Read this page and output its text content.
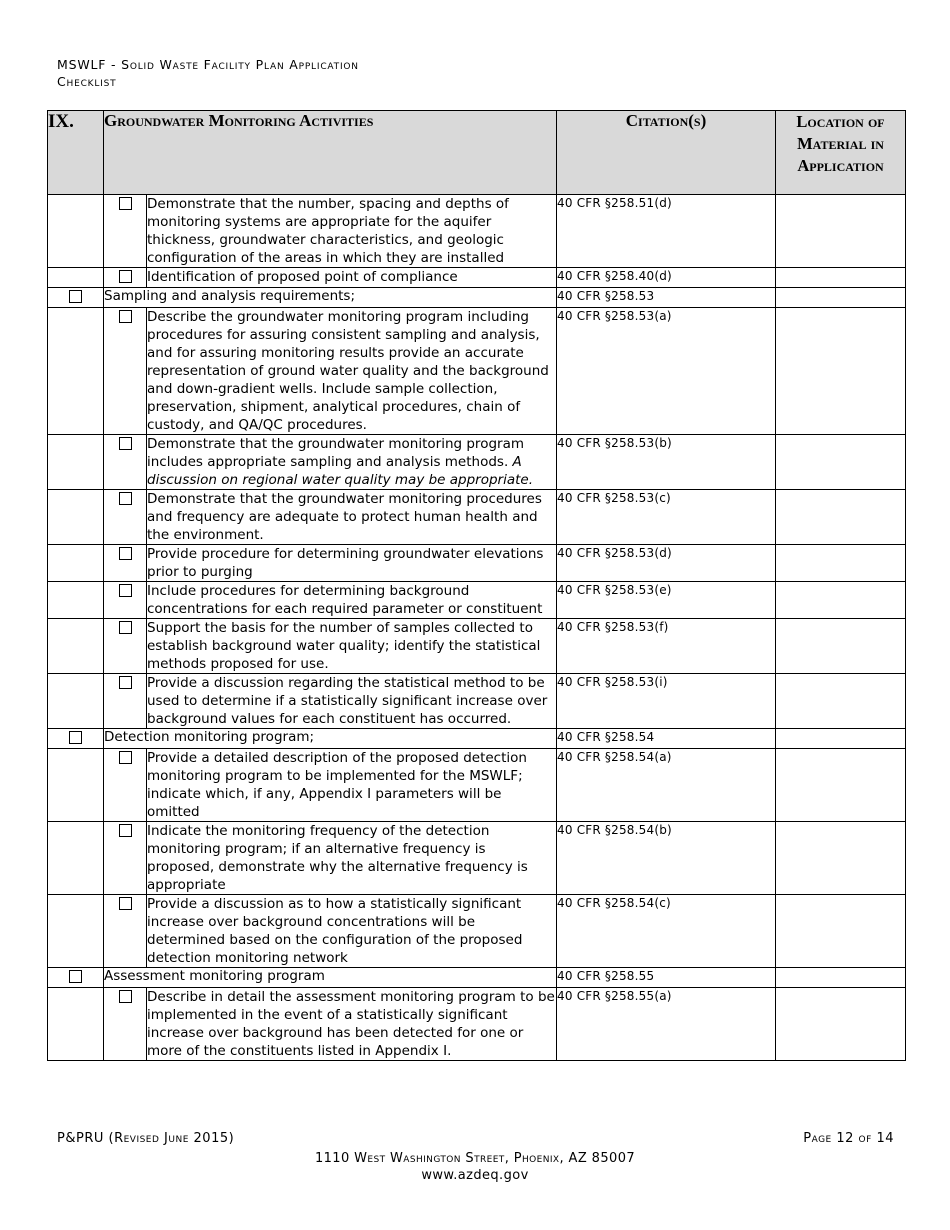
MSWLF - Solid Waste Facility Plan Application
Checklist
IX.	Groundwater Monitoring Activities		Citation(s)	Location of
Material in
Application

		Demonstrate that the number, spacing and depths of monitoring systems are appropriate for the aquifer thickness, groundwater characteristics, and geologic configuration of the areas in which they are installed	40 CFR §258.51(d)	
		Identification of proposed point of compliance	40 CFR §258.40(d)	
	Sampling and analysis requirements;		40 CFR §258.53	
		Describe the groundwater monitoring program including procedures for assuring consistent sampling and analysis, and for assuring monitoring results provide an accurate representation of ground water quality and the background and down-gradient wells. Include sample collection, preservation, shipment, analytical procedures, chain of custody, and QA/QC procedures.	40 CFR §258.53(a)	
		Demonstrate that the groundwater monitoring program includes appropriate sampling and analysis methods. A discussion on regional water quality may be appropriate.	40 CFR §258.53(b)	
		Demonstrate that the groundwater monitoring procedures and frequency are adequate to protect human health and the environment.	40 CFR §258.53(c)	
		Provide procedure for determining groundwater elevations prior to purging	40 CFR §258.53(d)	
		Include procedures for determining background concentrations for each required parameter or constituent	40 CFR §258.53(e)	
		Support the basis for the number of samples collected to establish background water quality; identify the statistical methods proposed for use.	40 CFR §258.53(f)	
		Provide a discussion regarding the statistical method to be used to determine if a statistically significant increase over background values for each constituent has occurred.	40 CFR §258.53(i)	
	Detection monitoring program;		40 CFR §258.54	
		Provide a detailed description of the proposed detection monitoring program to be implemented for the MSWLF; indicate which, if any, Appendix I parameters will be omitted	40 CFR §258.54(a)	
		Indicate the monitoring frequency of the detection monitoring program; if an alternative frequency is proposed, demonstrate why the alternative frequency is appropriate	40 CFR §258.54(b)	
		Provide a discussion as to how a statistically significant increase over background concentrations will be determined based on the configuration of the proposed detection monitoring network	40 CFR §258.54(c)	
	Assessment monitoring program		40 CFR §258.55	
		Describe in detail the assessment monitoring program to be implemented in the event of a statistically significant increase over background has been detected for one or more of the constituents listed in Appendix I.	40 CFR §258.55(a)	
P&PRU (Revised June 2015)	Page 12 of 14
1110 West Washington Street, Phoenix, AZ 85007
www.azdeq.gov
